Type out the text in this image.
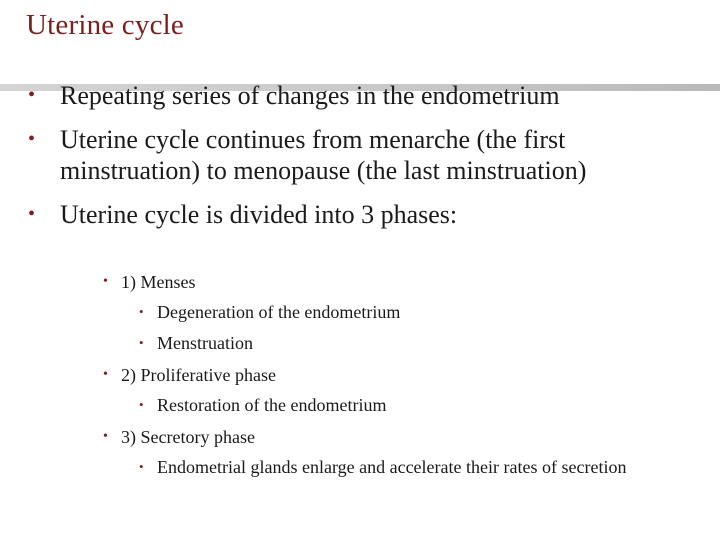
Uterine cycle
• Repeating series of changes in the endometrium
• Uterine cycle continues from menarche (the first minstruation) to menopause (the last minstruation)
• Uterine cycle is divided into 3 phases:
• 1) Menses
• Degeneration of the endometrium
• Menstruation
• 2) Proliferative phase
• Restoration of the endometrium
• 3) Secretory phase
• Endometrial glands enlarge and accelerate their rates of secretion
